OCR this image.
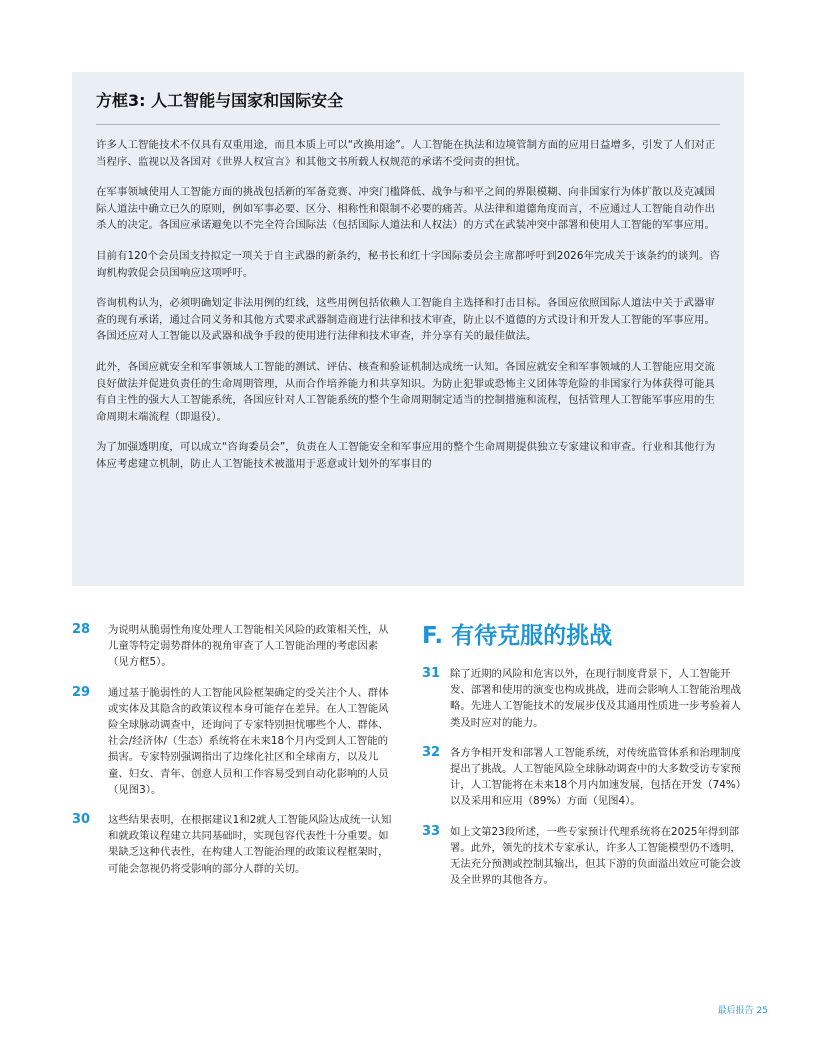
方框3: 人工智能与国家和国际安全

许多人工智能技术不仅具有双重用途，而且本质上可以“改换用途”。人工智能在执法和边境管制方面的应用日益增多，引发了人们对正当程序、监视以及各国对《世界人权宣言》和其他文书所载人权规范的承诺不受问责的担忧。

在军事领域使用人工智能方面的挑战包括新的军备竞赛、冲突门槛降低、战争与和平之间的界限模糊、向非国家行为体扩散以及克减国际人道法中确立已久的原则，例如军事必要、区分、相称性和限制不必要的痛苦。从法律和道德角度而言，不应通过人工智能自动作出杀人的决定。各国应承诺避免以不完全符合国际法（包括国际人道法和人权法）的方式在武装冲突中部署和使用人工智能的军事应用。

目前有120个会员国支持拟定一项关于自主武器的新条约，秘书长和红十字国际委员会主席都呼吁到2026年完成关于该条约的谈判。咨询机构敦促会员国响应这项呼吁。

咨询机构认为，必须明确划定非法用例的红线，这些用例包括依赖人工智能自主选择和打击目标。各国应依照国际人道法中关于武器审查的现有承诺，通过合同义务和其他方式要求武器制造商进行法律和技术审查，防止以不道德的方式设计和开发人工智能的军事应用。各国还应对人工智能以及武器和战争手段的使用进行法律和技术审查，并分享有关的最佳做法。

此外，各国应就安全和军事领域人工智能的测试、评估、核查和验证机制达成统一认知。各国应就安全和军事领域的人工智能应用交流良好做法并促进负责任的生命周期管理，从而合作培养能力和共享知识。为防止犯罪或恐怖主义团体等危险的非国家行为体获得可能具有自主性的强大人工智能系统，各国应针对人工智能系统的整个生命周期制定适当的控制措施和流程，包括管理人工智能军事应用的生命周期末端流程（即退役）。

为了加强透明度，可以成立“咨询委员会”，负责在人工智能安全和军事应用的整个生命周期提供独立专家建议和审查。行业和其他行为体应考虑建立机制，防止人工智能技术被滥用于恶意或计划外的军事目的

28	为说明从脆弱性角度处理人工智能相关风险的政策相关性，从儿童等特定弱势群体的视角审查了人工智能治理的考虑因素（见方框5）。
29	通过基于脆弱性的人工智能风险框架确定的受关注个人、群体或实体及其隐含的政策议程本身可能存在差异。在人工智能风险全球脉动调查中，还询问了专家特别担忧哪些个人、群体、社会/经济体/（生态）系统将在未来18个月内受到人工智能的损害。专家特别强调指出了边缘化社区和全球南方，以及儿童、妇女、青年、创意人员和工作容易受到自动化影响的人员（见图3）。
30	这些结果表明，在根据建议1和2就人工智能风险达成统一认知和就政策议程建立共同基础时，实现包容代表性十分重要。如果缺乏这种代表性，在构建人工智能治理的政策议程框架时，可能会忽视仍将受影响的部分人群的关切。
F. 有待克服的挑战
31 除了近期的风险和危害以外，在现行制度背景下，人工智能开发、部署和使用的演变也构成挑战，进而会影响人工智能治理战略。先进人工智能技术的发展步伐及其通用性质进一步考验着人类及时应对的能力。
32 各方争相开发和部署人工智能系统，对传统监管体系和治理制度提出了挑战。人工智能风险全球脉动调查中的大多数受访专家预计，人工智能将在未来18个月内加速发展，包括在开发（74%）以及采用和应用（89%）方面（见图4）。
33 如上文第23段所述，一些专家预计代理系统将在2025年得到部署。此外，领先的技术专家承认，许多人工智能模型仍不透明，无法充分预测或控制其输出，但其下游的负面溢出效应可能会波及全世界的其他各方。
最后报告 25
